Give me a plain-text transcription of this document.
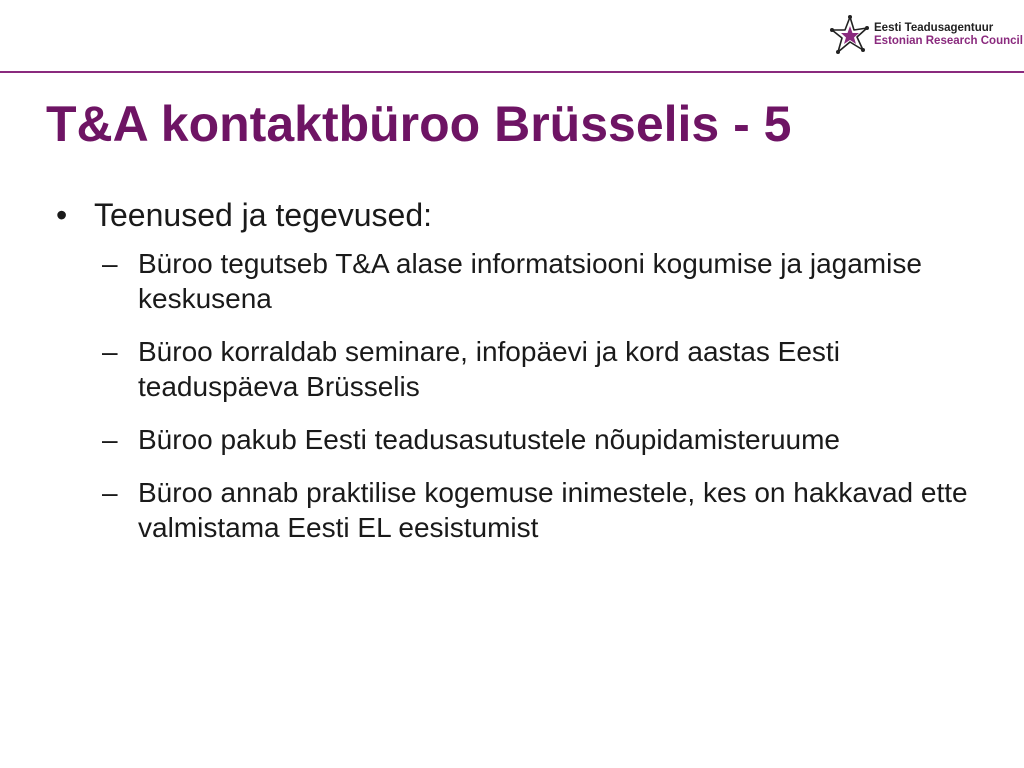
Eesti Teadusagentuur
Estonian Research Council
T&A kontaktbüroo Brüsselis - 5
• Teenused ja tegevused:
– Büroo tegutseb T&A alase informatsiooni kogumise ja jagamise keskusena
– Büroo korraldab seminare, infopäevi ja kord aastas Eesti teaduspäeva Brüsselis
– Büroo pakub Eesti teadusasutustele nõupidamisteruume
– Büroo annab praktilise kogemuse inimestele, kes on hakkavad ette valmistama Eesti EL eesistumist
